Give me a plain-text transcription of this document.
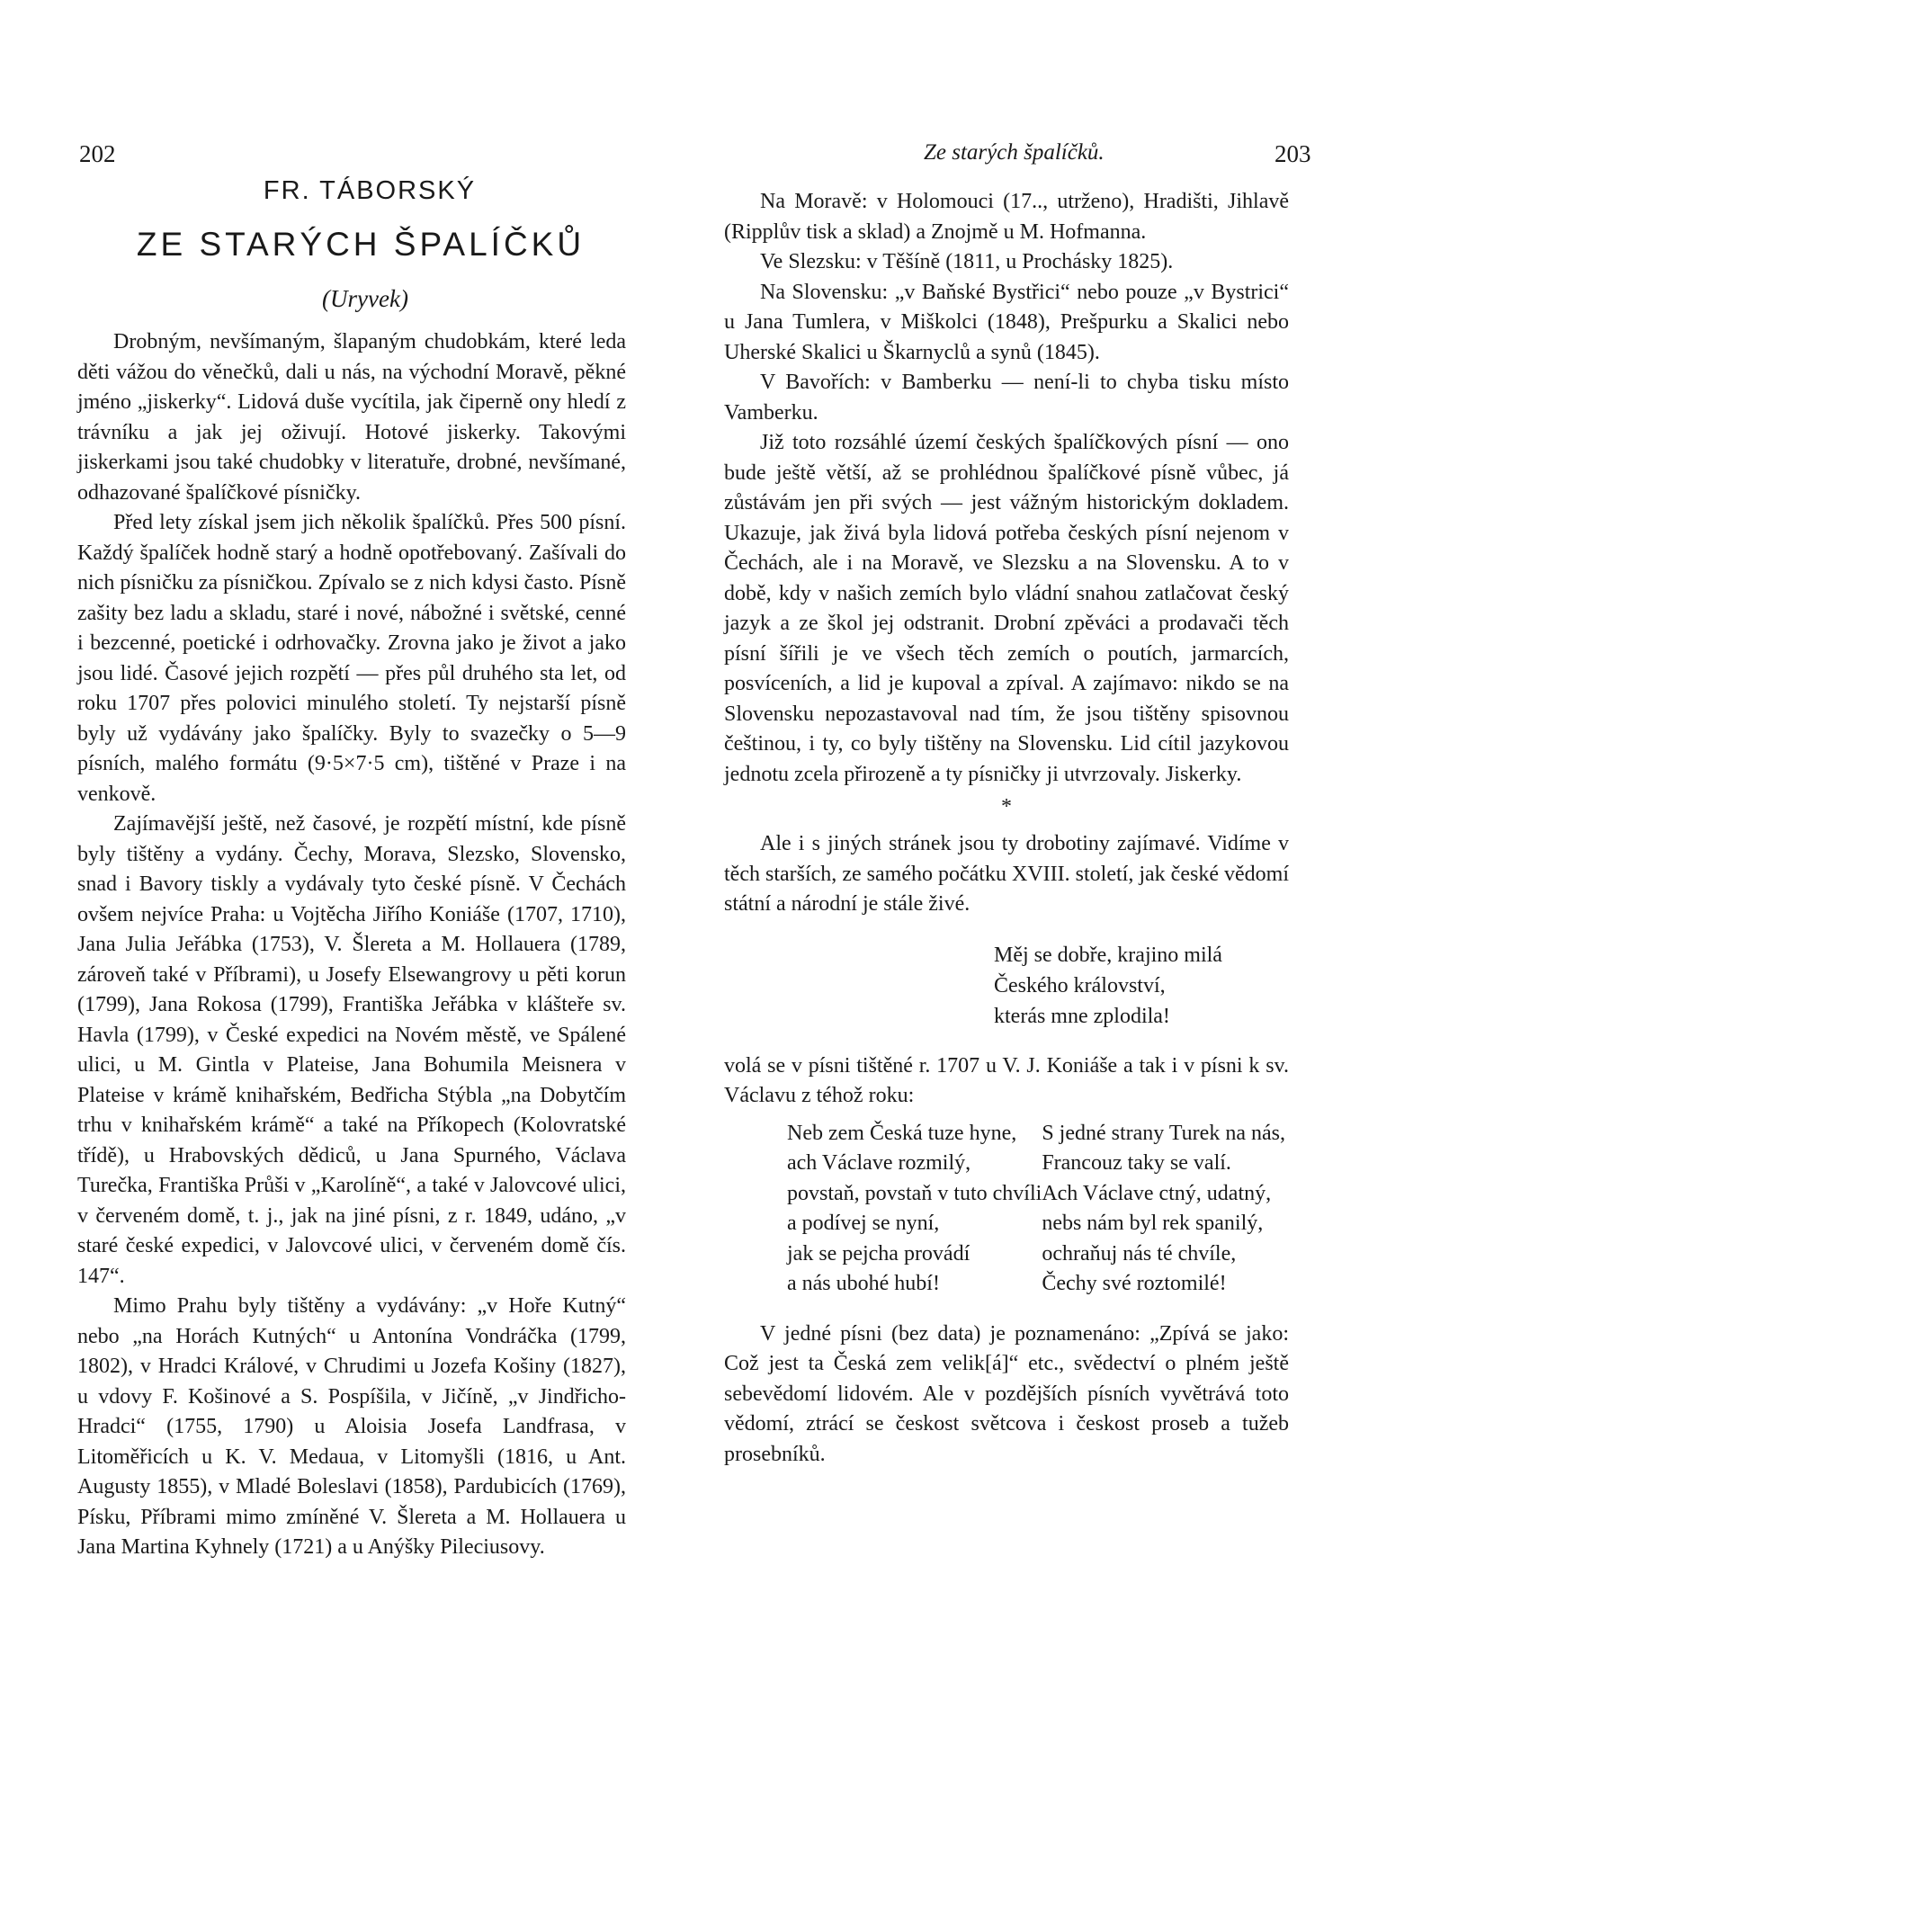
202
FR. TÁBORSKÝ
ZE STARÝCH ŠPALÍČKŮ
(Uryvek)

Drobným, nevšímaným, šlapaným chudobkám, které leda děti vážou do věnečků, dali u nás, na východní Moravě, pěkné jméno „jiskerky“. Lidová duše vycítila, jak čiperně ony hledí z trávníku a jak jej oživují. Hotové jiskerky. Takovými jiskerkami jsou také chudobky v literatuře, drobné, nevšímané, odhazované špalíčkové písničky.

Před lety získal jsem jich několik špalíčků. Přes 500 písní. Každý špalíček hodně starý a hodně opotřebovaný. Zašívali do nich písničku za písničkou. Zpívalo se z nich kdysi často. Písně zašity bez ladu a skladu, staré i nové, nábožné i světské, cenné i bezcenné, poetické i odrhovačky. Zrovna jako je život a jako jsou lidé. Časové jejich rozpětí — přes půl druhého sta let, od roku 1707 přes polovici minulého století. Ty nejstarší písně byly už vydávány jako špalíčky. Byly to svazečky o 5—9 písních, malého formátu (9·5×7·5 cm), tištěné v Praze i na venkově.

Zajímavější ještě, než časové, je rozpětí místní, kde písně byly tištěny a vydány. Čechy, Morava, Slezsko, Slovensko, snad i Bavory tiskly a vydávaly tyto české písně. V Čechách ovšem nejvíce Praha: u Vojtěcha Jiřího Koniáše (1707, 1710), Jana Julia Jeřábka (1753), V. Šlereta a M. Hollauera (1789, zároveň také v Příbrami), u Josefy Elsewangrovy u pěti korun (1799), Jana Rokosa (1799), Františka Jeřábka v klášteře sv. Havla (1799), v České expedici na Novém městě, ve Spálené ulici, u M. Gintla v Plateise, Jana Bohumila Meisnera v Plateise v krámě knihařském, Bedřicha Stýbla „na Dobytčím trhu v knihařském krámě“ a také na Příkopech (Kolovratské třídě), u Hrabovských dědiců, u Jana Spurného, Václava Turečka, Františka Průši v „Karolíně“, a také v Jalovcové ulici, v červeném domě, t. j., jak na jiné písni, z r. 1849, udáno, „v staré české expedici, v Jalovcové ulici, v červeném domě čís. 147“.

Mimo Prahu byly tištěny a vydávány: „v Hoře Kutný“ nebo „na Horách Kutných“ u Antonína Vondráčka (1799, 1802), v Hradci Králové, v Chrudimi u Jozefa Košiny (1827), u vdovy F. Košinové a S. Pospíšila, v Jičíně, „v Jindřicho-Hradci“ (1755, 1790) u Aloisia Josefa Landfrasa, v Litoměřicích u K. V. Medaua, v Litomyšli (1816, u Ant. Augusty 1855), v Mladé Boleslavi (1858), Pardubicích (1769), Písku, Příbrami mimo zmíněné V. Šlereta a M. Hollauera u Jana Martina Kyhnely (1721) a u Anýšky Pileciusovy.

Ze starých špalíčků.	203

Na Moravě: v Holomouci (17.., utrženo), Hradišti, Jihlavě (Ripplův tisk a sklad) a Znojmě u M. Hofmanna.

Ve Slezsku: v Těšíně (1811, u Prochásky 1825).

Na Slovensku: „v Baňské Bystřici“ nebo pouze „v Bystrici“ u Jana Tumlera, v Miškolci (1848), Prešpurku a Skalici nebo Uherské Skalici u Škarnyclů a synů (1845).

V Bavořích: v Bamberku — není-li to chyba tisku místo Vamberku.

Již toto rozsáhlé území českých špalíčkových písní — ono bude ještě větší, až se prohlédnou špalíčkové písně vůbec, já zůstávám jen při svých — jest vážným historickým dokladem. Ukazuje, jak živá byla lidová potřeba českých písní nejenom v Čechách, ale i na Moravě, ve Slezsku a na Slovensku. A to v době, kdy v našich zemích bylo vládní snahou zatlačovat český jazyk a ze škol jej odstranit. Drobní zpěváci a prodavači těch písní šířili je ve všech těch zemích o poutích, jarmarcích, posvíceních, a lid je kupoval a zpíval. A zajímavo: nikdo se na Slovensku nepozastavoval nad tím, že jsou tištěny spisovnou češtinou, i ty, co byly tištěny na Slovensku. Lid cítil jazykovou jednotu zcela přirozeně a ty písničky ji utvrzovaly. Jiskerky.

*

Ale i s jiných stránek jsou ty drobotiny zajímavé. Vidíme v těch starších, ze samého počátku XVIII. století, jak české vědomí státní a národní je stále živé.

Měj se dobře, krajino milá
Českého království,
kterás mne zplodila!

volá se v písni tištěné r. 1707 u V. J. Koniáše a tak i v písni k sv. Václavu z téhož roku:

Neb zem Česká tuze hyne,
ach Václave rozmilý,
povstaň, povstaň v tuto chvíli
a podívej se nyní,
jak se pejcha provádí
a nás ubohé hubí!
S jedné strany Turek na nás,
Francouz taky se valí.
Ach Václave ctný, udatný,
nebs nám byl rek spanilý,
ochraňuj nás té chvíle,
Čechy své roztomilé!

V jedné písni (bez data) je poznamenáno: „Zpívá se jako: Což jest ta Česká zem velik[á]“ etc., svědectví o plném ještě sebevědomí lidovém. Ale v pozdějších písních vyvětrává toto vědomí, ztrácí se českost světcova i českost proseb a tužeb prosebníků.
